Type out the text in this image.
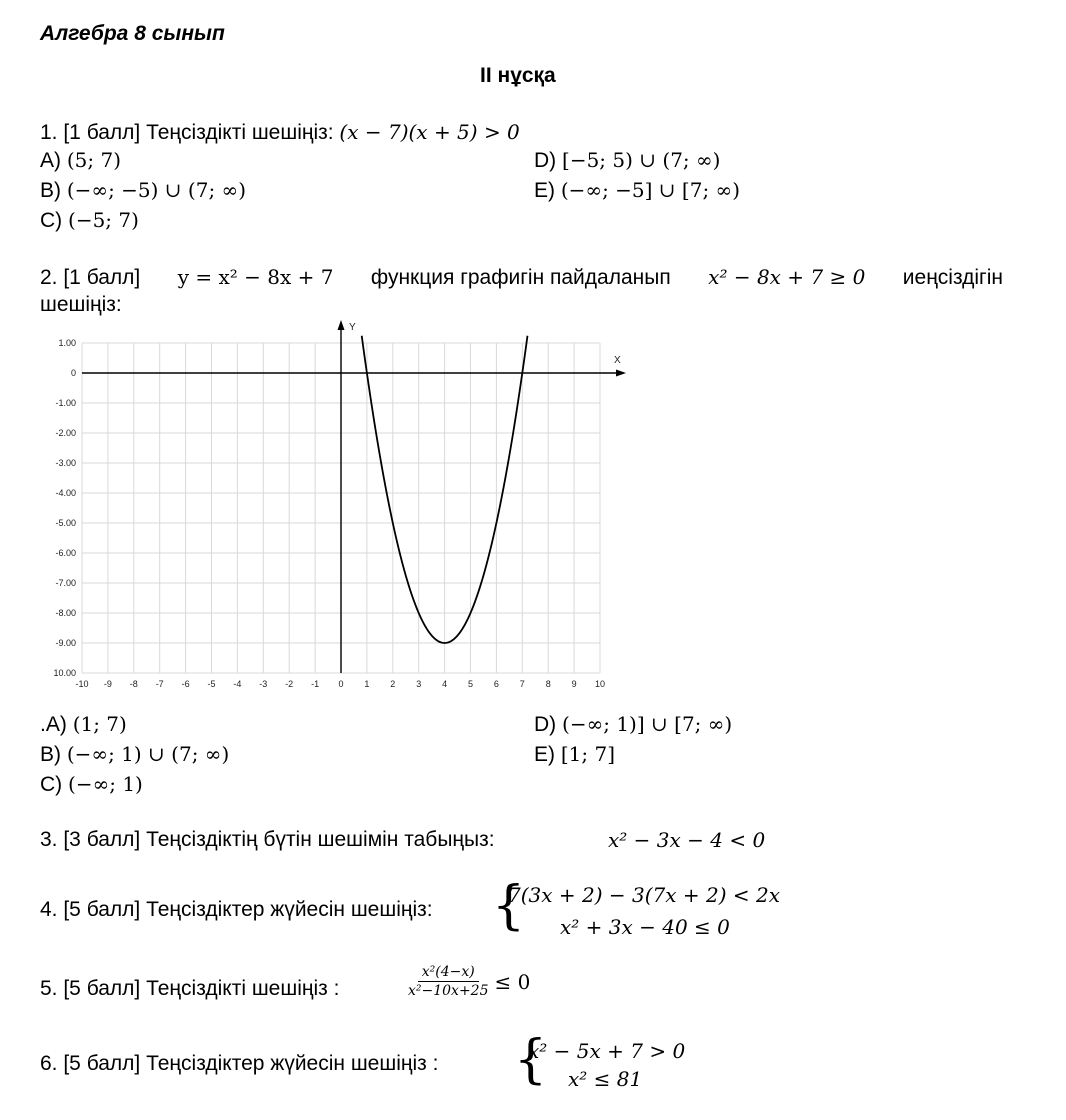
Алгебра 8 сынып
II нұсқа
1. [1 балл] Теңсіздікті шешіңіз: (x − 7)(x + 5) > 0
A) (5; 7)
B) (−∞; −5) ∪ (7; ∞)
C) (−5; 7)
D) [−5; 5) ∪ (7; ∞)
E) (−∞; −5] ∪ [7; ∞)
2. [1 балл] y = x² − 8x + 7 функция графигін пайдаланып x² − 8x + 7 ≥ 0 иеңсіздігін
шешіңіз:
-10 -9 -8 -7 -6 -5 -4 -3 -2 -1 0 1 2 3 4 5 6 7 8 9 10
1.00
0
-1.00
-2.00
-3.00
-4.00
-5.00
-6.00
-7.00
-8.00
-9.00
10.00
X
Y
.A) (1; 7)
B) (−∞; 1) ∪ (7; ∞)
C) (−∞; 1)
D) (−∞; 1)] ∪ [7; ∞)
E) [1; 7]
3. [3 балл] Теңсіздіктің бүтін шешімін табыңыз:	x² − 3x − 4 < 0
4. [5 балл] Теңсіздіктер жүйесін шешіңіз: {
7(3x + 2) − 3(7x + 2) < 2x
x² + 3x − 40 ≤ 0
5. [5 балл] Теңсіздікті шешіңіз :	$\frac{\text{x²(4−x)}}{\text{x²−10x+25}} \le 0$
6. [5 балл] Теңсіздіктер жүйесін шешіңіз : {
x² − 5x + 7 > 0
x² ≤ 81
